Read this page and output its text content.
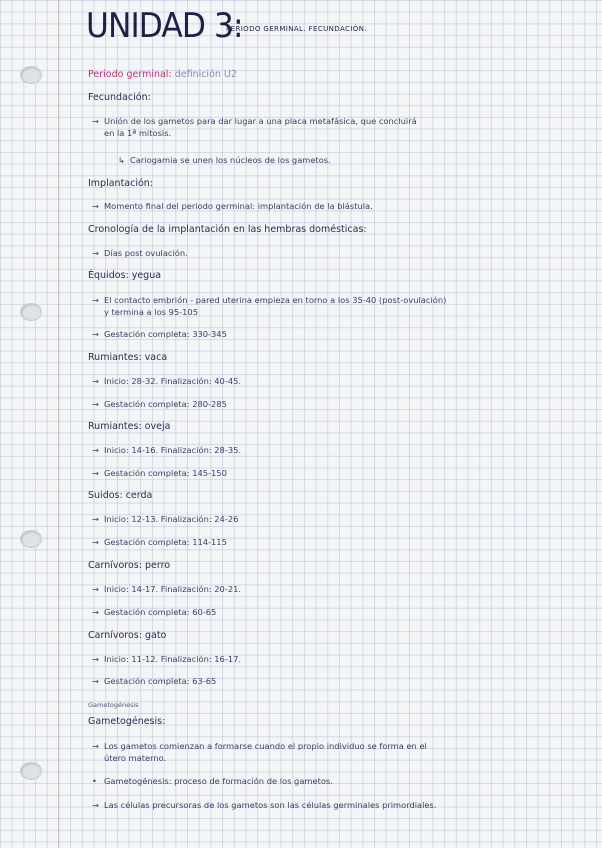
UNIDAD 3:
PERIODO GERMINAL. FECUNDACIÓN.
Periodo germinal: definición U2
Fecundación:
→ Unión de los gametos para dar lugar a una placa metafásica, que concluirá
en la 1ª mitosis.
↳ Cariogamia se unen los núcleos de los gametos.
Implantación:
→ Momento final del periodo germinal: implantación de la blástula.
Cronología de la implantación en las hembras domésticas:
→ Días post ovulación.
Équidos: yegua
→ El contacto embrión - pared uterina empieza en torno a los 35-40 (post-ovulación)
y termina a los 95-105
→ Gestación completa: 330-345
Rumiantes: vaca
→ Inicio: 28-32. Finalización: 40-45.
→ Gestación completa: 280-285
Rumiantes: oveja
→ Inicio: 14-16. Finalización: 28-35.
→ Gestación completa: 145-150
Suidos: cerda
→ Inicio: 12-13. Finalización: 24-26
→ Gestación completa: 114-115
Carnívoros: perro
→ Inicio: 14-17. Finalización: 20-21.
→ Gestación completa: 60-65
Carnívoros: gato
→ Inicio: 11-12. Finalización: 16-17.
→ Gestación completa: 63-65
Gametogénesis
Gametogénesis:
→ Los gametos comienzan a formarse cuando el propio individuo se forma en el
útero materno.
• Gametogénesis: proceso de formación de los gametos.
→ Las células precursoras de los gametos son las células germinales primordiales.
